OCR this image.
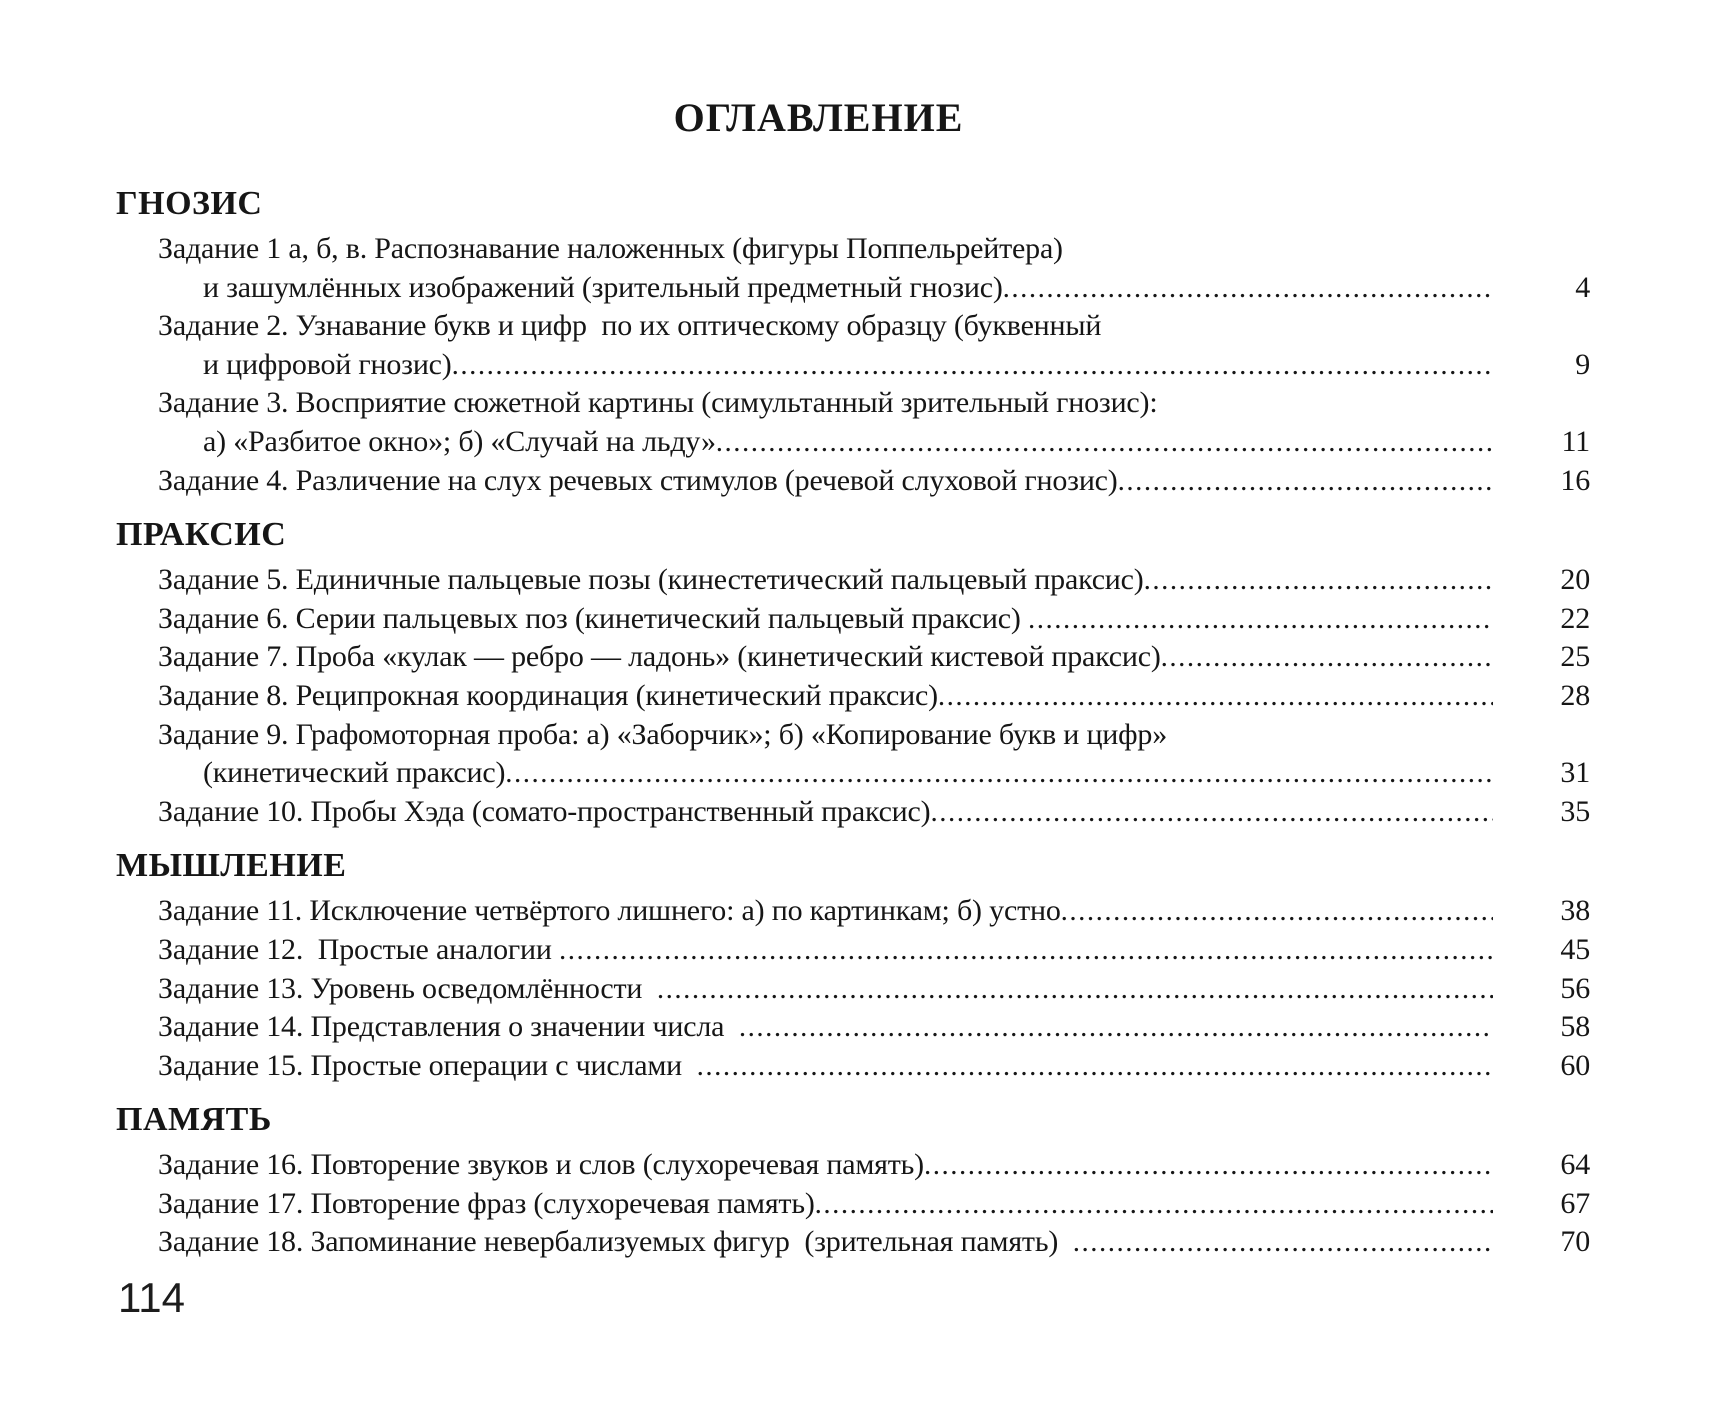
ОГЛАВЛЕНИЕ
ГНОЗИС
Задание 1 а, б, в. Распознавание наложенных (фигуры Поппельрейтера)
и зашумлённых изображений (зрительный предметный гнозис) .....	4
Задание 2. Узнавание букв и цифр  по их оптическому образцу (буквенный
и цифровой гнозис) .....	9
Задание 3. Восприятие сюжетной картины (симультанный зрительный гнозис):
а) «Разбитое окно»; б) «Случай на льду» .....	11
Задание 4. Различение на слух речевых стимулов (речевой слуховой гнозис) .....	16
ПРАКСИС
Задание 5. Единичные пальцевые позы (кинестетический пальцевый праксис) .....	20
Задание 6. Серии пальцевых поз (кинетический пальцевый праксис) .....	22
Задание 7. Проба «кулак — ребро — ладонь» (кинетический кистевой праксис) .....	25
Задание 8. Реципрокная координация (кинетический праксис) .....	28
Задание 9. Графомоторная проба: а) «Заборчик»; б) «Копирование букв и цифр»
(кинетический праксис) .....	31
Задание 10. Пробы Хэда (сомато-пространственный праксис) .....	35
МЫШЛЕНИЕ
Задание 11. Исключение четвёртого лишнего: а) по картинкам; б) устно .....	38
Задание 12.  Простые аналогии .....	45
Задание 13. Уровень осведомлённости .....	56
Задание 14. Представления о значении числа .....	58
Задание 15. Простые операции с числами .....	60
ПАМЯТЬ
Задание 16. Повторение звуков и слов (слухоречевая память) .....	64
Задание 17. Повторение фраз (слухоречевая память) .....	67
Задание 18. Запоминание невербализуемых фигур  (зрительная память) .....	70
114
